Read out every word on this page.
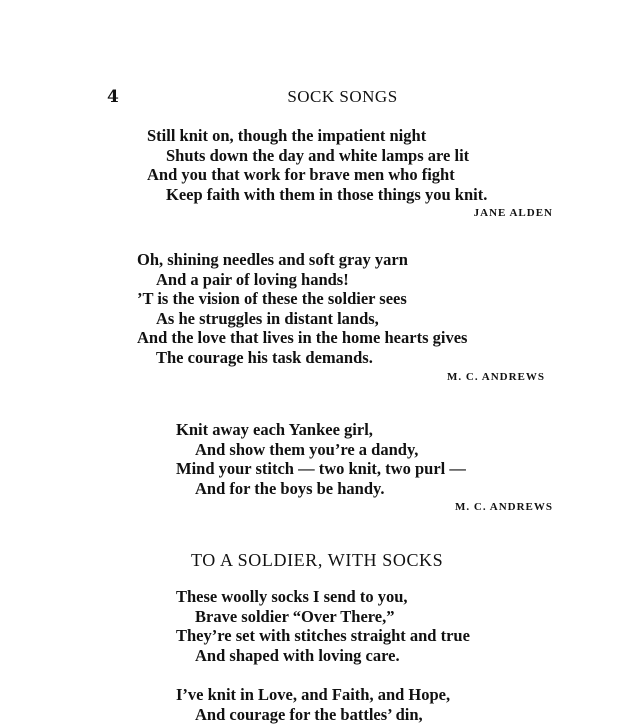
4	SOCK SONGS
Still knit on, though the impatient night
Shuts down the day and white lamps are lit
And you that work for brave men who fight
Keep faith with them in those things you knit.
JANE ALDEN
Oh, shining needles and soft gray yarn
And a pair of loving hands!
’T is the vision of these the soldier sees
As he struggles in distant lands,
And the love that lives in the home hearts gives
The courage his task demands.
M. C. ANDREWS
Knit away each Yankee girl,
And show them you’re a dandy,
Mind your stitch — two knit, two purl —
And for the boys be handy.
M. C. ANDREWS
TO A SOLDIER, WITH SOCKS
These woolly socks I send to you,
Brave soldier “Over There,”
They’re set with stitches straight and true
And shaped with loving care.
I’ve knit in Love, and Faith, and Hope,
And courage for the battles’ din,
